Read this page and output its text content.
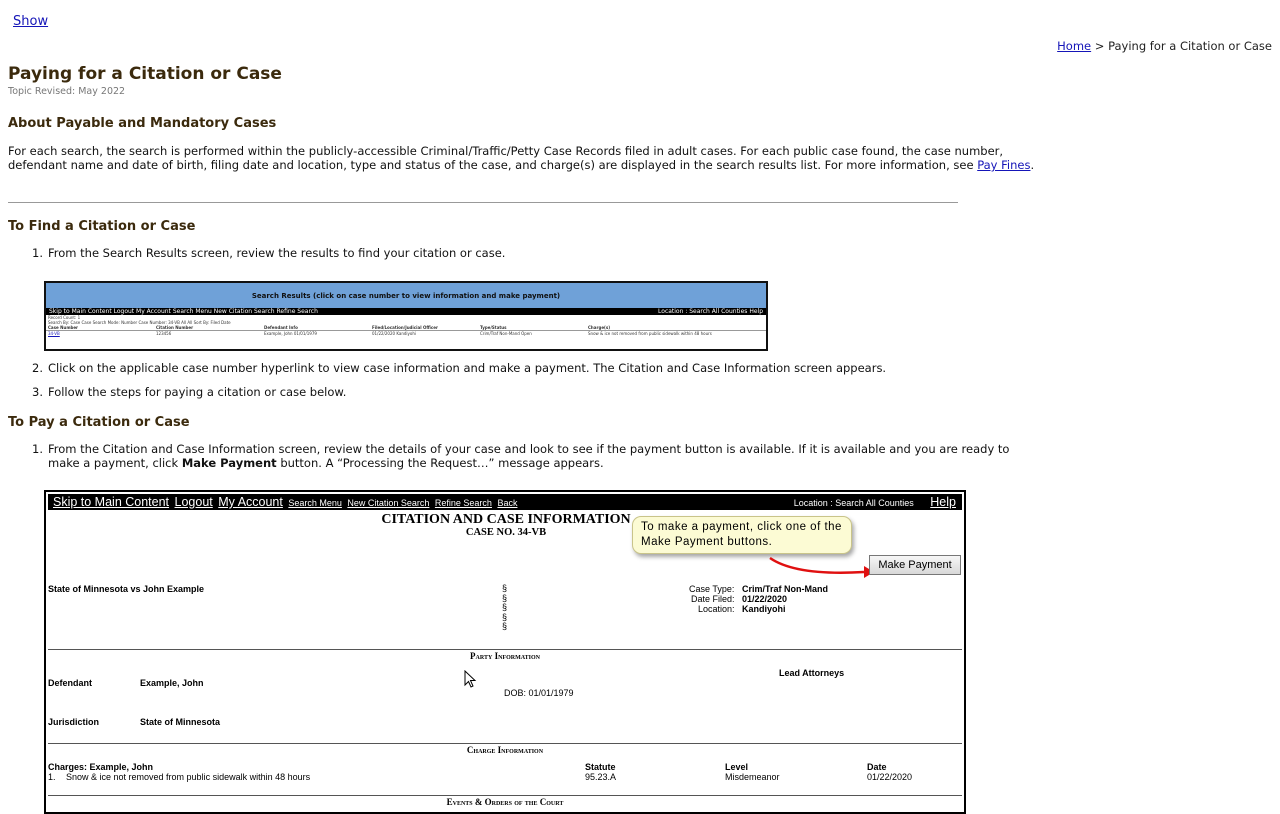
Show
Home > Paying for a Citation or Case
Paying for a Citation or Case
Topic Revised: May 2022
About Payable and Mandatory Cases
For each search, the search is performed within the publicly-accessible Criminal/Traffic/Petty Case Records filed in adult cases. For each public case found, the case number, defendant name and date of birth, filing date and location, type and status of the case, and charge(s) are displayed in the search results list. For more information, see Pay Fines.
To Find a Citation or Case
1. From the Search Results screen, review the results to find your citation or case.
Search Results (click on case number to view information and make payment)
Skip to Main Content Logout My Account Search Menu New Citation Search Refine Search	Location : Search All Counties Help
Record Count: 1
Search By: Case Case Search Mode: Number Case Number: 34-VB All All Sort By: Filed Date
Case Number	Citation Number	Defendant Info	Filed/Location/Judicial Officer	Type/Status	Charge(s)
34-VB	123456	Example, John 01/01/1979	01/22/2020 Kandiyohi	Crim/Traf Non-Mand Open	Snow & ice not removed from public sidewalk within 48 hours
2. Click on the applicable case number hyperlink to view case information and make a payment. The Citation and Case Information screen appears.
3. Follow the steps for paying a citation or case below.
To Pay a Citation or Case
1. From the Citation and Case Information screen, review the details of your case and look to see if the payment button is available. If it is available and you are ready to make a payment, click Make Payment button. A “Processing the Request…” message appears.
Skip to Main Content Logout My Account Search Menu New Citation Search Refine Search Back	Location : Search All Counties Help
CITATION AND CASE INFORMATION
CASE NO. 34-VB	To make a payment, click one of the Make Payment buttons.
Make Payment
State of Minnesota vs John Example	§
§
§
§
§
Case Type: Crim/Traf Non-Mand
Date Filed: 01/22/2020
Location: Kandiyohi
Party Information
Lead Attorneys
Defendant	Example, John
DOB: 01/01/1979
Jurisdiction	State of Minnesota
Charge Information
Charges: Example, John	Statute	Level	Date
1. Snow & ice not removed from public sidewalk within 48 hours	95.23.A	Misdemeanor	01/22/2020
Events & Orders of the Court
